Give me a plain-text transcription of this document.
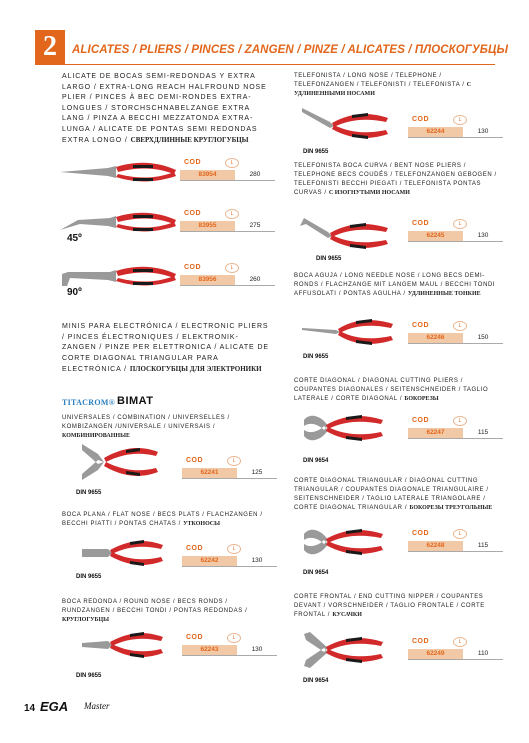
2	ALICATES / PLIERS / PINCES / ZANGEN / PINZE / ALICATES / ПЛОСКОГУБЦЫ
ALICATE DE BOCAS SEMI-REDONDAS Y EXTRA LARGO / EXTRA-LONG REACH HALFROUND NOSE PLIER / PINCES À BEC DEMI-RONDES EXTRA-LONGUES / STORCHSCHNABELZANGE EXTRA LANG / PINZA A BECCHI MEZZATONDA EXTRA-LUNGA / ALICATE DE PONTAS SEMI REDONDAS EXTRA LONGO / СВЕРХДЛИННЫЕ КРУГЛОГУБЦЫ
COD	L
83954	280
45º
COD	L
83955	275
90º
COD	L
83956	260
MINIS PARA ELECTRÓNICA / ELECTRONIC PLIERS / PINCES ÉLECTRONIQUES / ELEKTRONIK-ZANGEN / PINZE PER ELETTRONICA / ALICATE DE CORTE DIAGONAL TRIANGULAR PARA ELECTRÓNICA / ПЛОСКОГУБЦЫ ДЛЯ ЭЛЕКТРОНИКИ
TITACROM® BIMAT
UNIVERSALES / COMBINATION / UNIVERSELLES / KOMBIZANGEN /UNIVERSALE / UNIVERSAIS / КОМБИНИРОВАННЫЕ
COD	L
62241	125
DIN 9655
BOCA PLANA / FLAT NOSE / BECS PLATS / FLACHZANGEN / BECCHI PIATTI / PONTAS CHATAS / УТКОНОСЫ
COD	L
62242	130
DIN 9655
BOCA REDONDA / ROUND NOSE / BECS RONDS / RUNDZANGEN / BECCHI TONDI / PONTAS REDONDAS / КРУГЛОГУБЦЫ
COD	L
62243	130
DIN 9655
TELEFONISTA / LONG NOSE / TELEPHONE / TELEFONZANGEN / TELEFONISTI / TELEFONISTA / С УДЛИНЕННЫМИ НОСАМИ
COD	L
62244	130
DIN 9655
TELEFONISTA BOCA CURVA / BENT NOSE PLIERS / TELEPHONE BECS COUDÉS / TELEFONZANGEN GEBOGEN / TELEFONISTI BECCHI PIEGATI / TELEFONISTA PONTAS CURVAS / С ИЗОГНУТЫМИ НОСАМИ
COD	L
62245	130
DIN 9655
BOCA AGUJA / LONG NEEDLE NOSE / LONG BECS DEMI-RONDS / FLACHZANGE MIT LANGEM MAUL / BECCHI TONDI AFFUSOLATI / PONTAS AGULHA / УДЛИНЕННЫЕ ТОНКИЕ
COD	L
62246	150
DIN 9655
CORTE DIAGONAL / DIAGONAL CUTTING PLIERS / COUPANTES DIAGONALES / SEITENSCHNEIDER / TAGLIO LATERALE / CORTE DIAGONAL / БОКОРЕЗЫ
COD	L
62247	115
DIN 9654
CORTE DIAGONAL TRIANGULAR / DIAGONAL CUTTING TRIANGULAR / COUPANTES DIAGONALE TRIANGULAIRE / SEITENSCHNEIDER / TAGLIO LATERALE TRIANGOLARE / CORTE DIAGONAL TRIANGULAR / БОКОРЕЗЫ ТРЕУГОЛЬНЫЕ
COD	L
62248	115
DIN 9654
CORTE FRONTAL / END CUTTING NIPPER / COUPANTES DEVANT / VORSCHNEIDER / TAGLIO FRONTALE / CORTE FRONTAL / КУСАЧКИ
COD	L
62249	110
DIN 9654
14 EGA Master
